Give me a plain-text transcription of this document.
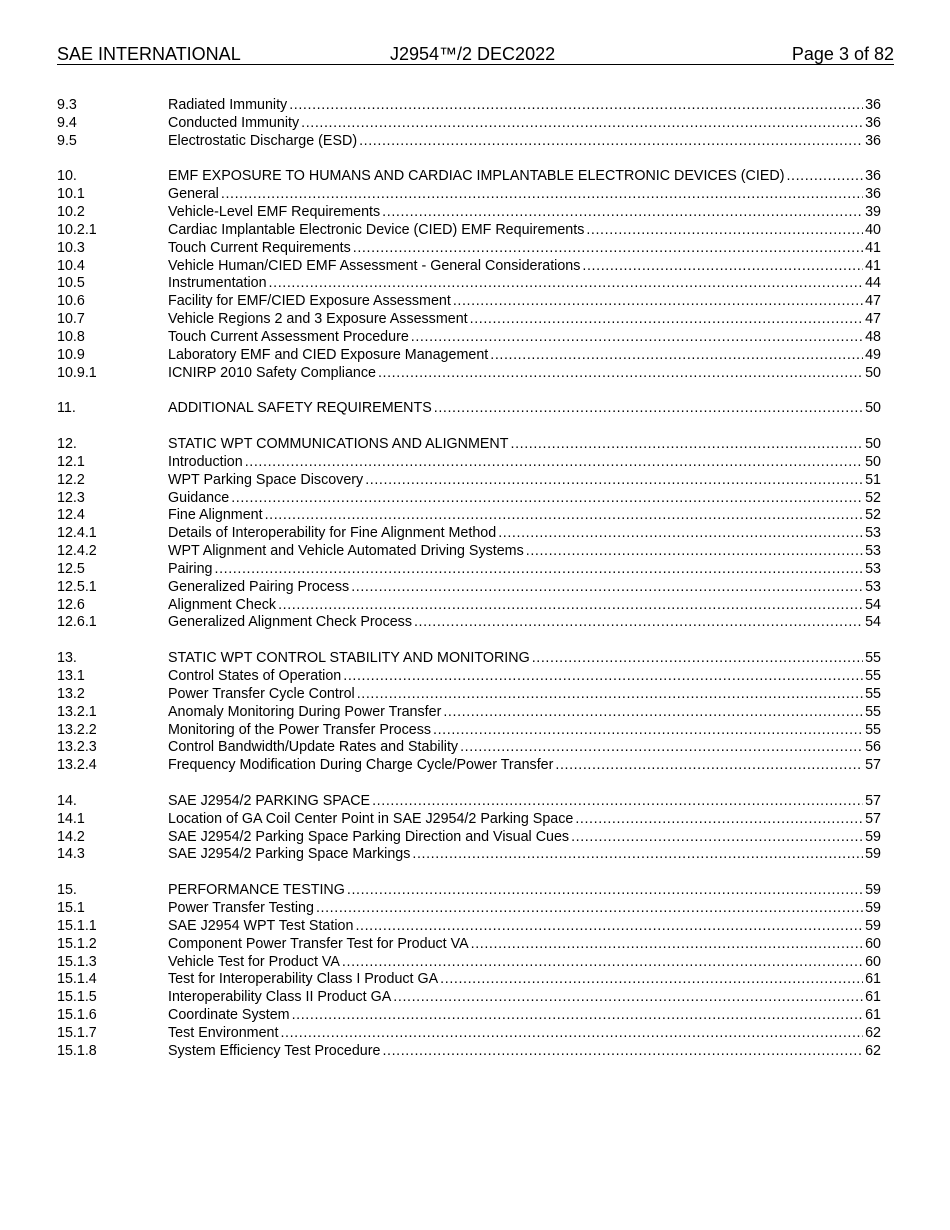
SAE INTERNATIONAL	J2954™/2 DEC2022	Page 3 of 82
9.3	Radiated Immunity .....	36
9.4	Conducted Immunity .....	36
9.5	Electrostatic Discharge (ESD) .....	36
10.	EMF EXPOSURE TO HUMANS AND CARDIAC IMPLANTABLE ELECTRONIC DEVICES (CIED) .....	36
10.1	General .....	36
10.2	Vehicle-Level EMF Requirements .....	39
10.2.1	Cardiac Implantable Electronic Device (CIED) EMF Requirements .....	40
10.3	Touch Current Requirements .....	41
10.4	Vehicle Human/CIED EMF Assessment - General Considerations .....	41
10.5	Instrumentation .....	44
10.6	Facility for EMF/CIED Exposure Assessment .....	47
10.7	Vehicle Regions 2 and 3 Exposure Assessment .....	47
10.8	Touch Current Assessment Procedure .....	48
10.9	Laboratory EMF and CIED Exposure Management .....	49
10.9.1	ICNIRP 2010 Safety Compliance .....	50
11.	ADDITIONAL SAFETY REQUIREMENTS .....	50
12.	STATIC WPT COMMUNICATIONS AND ALIGNMENT .....	50
12.1	Introduction .....	50
12.2	WPT Parking Space Discovery .....	51
12.3	Guidance .....	52
12.4	Fine Alignment .....	52
12.4.1	Details of Interoperability for Fine Alignment Method .....	53
12.4.2	WPT Alignment and Vehicle Automated Driving Systems .....	53
12.5	Pairing .....	53
12.5.1	Generalized Pairing Process .....	53
12.6	Alignment Check .....	54
12.6.1	Generalized Alignment Check Process .....	54
13.	STATIC WPT CONTROL STABILITY AND MONITORING .....	55
13.1	Control States of Operation .....	55
13.2	Power Transfer Cycle Control .....	55
13.2.1	Anomaly Monitoring During Power Transfer .....	55
13.2.2	Monitoring of the Power Transfer Process .....	55
13.2.3	Control Bandwidth/Update Rates and Stability .....	56
13.2.4	Frequency Modification During Charge Cycle/Power Transfer .....	57
14.	SAE J2954/2 PARKING SPACE .....	57
14.1	Location of GA Coil Center Point in SAE J2954/2 Parking Space .....	57
14.2	SAE J2954/2 Parking Space Parking Direction and Visual Cues .....	59
14.3	SAE J2954/2 Parking Space Markings .....	59
15.	PERFORMANCE TESTING .....	59
15.1	Power Transfer Testing .....	59
15.1.1	SAE J2954 WPT Test Station .....	59
15.1.2	Component Power Transfer Test for Product VA .....	60
15.1.3	Vehicle Test for Product VA .....	60
15.1.4	Test for Interoperability Class I Product GA .....	61
15.1.5	Interoperability Class II Product GA .....	61
15.1.6	Coordinate System .....	61
15.1.7	Test Environment .....	62
15.1.8	System Efficiency Test Procedure .....	62
